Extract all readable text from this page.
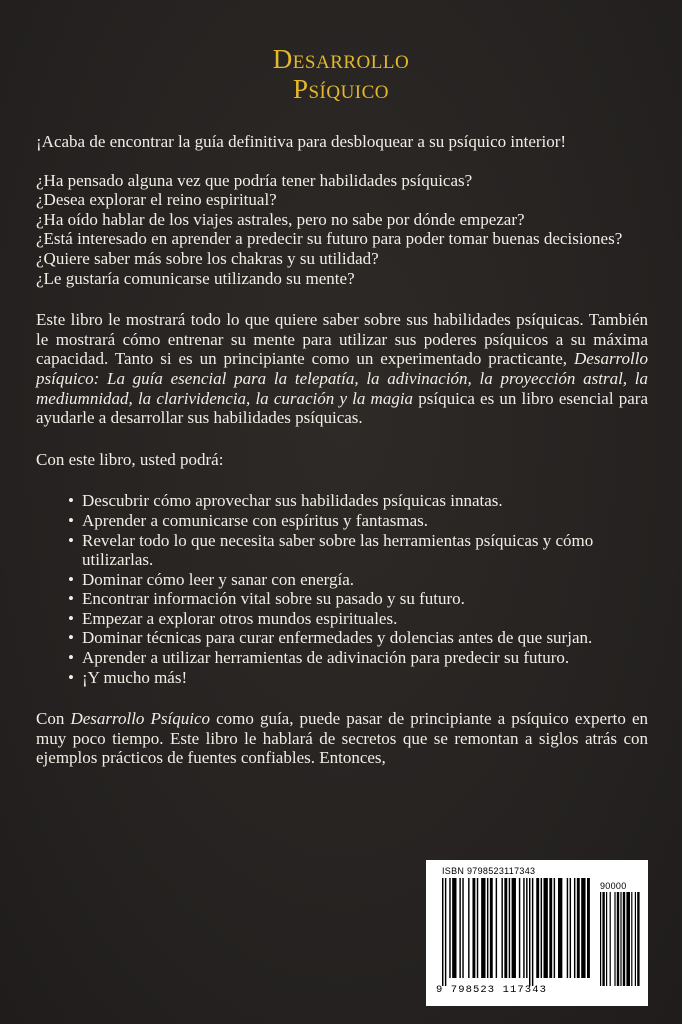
Desarrollo
Psíquico

¡Acaba de encontrar la guía definitiva para desbloquear a su psíquico interior!

¿Ha pensado alguna vez que podría tener habilidades psíquicas?

¿Desea explorar el reino espiritual?

¿Ha oído hablar de los viajes astrales, pero no sabe por dónde empezar?

¿Está interesado en aprender a predecir su futuro para poder tomar buenas decisiones?

¿Quiere saber más sobre los chakras y su utilidad?

¿Le gustaría comunicarse utilizando su mente?

Este libro le mostrará todo lo que quiere saber sobre sus habilidades psíquicas. También le mostrará cómo entrenar su mente para utilizar sus poderes psíquicos a su máxima capacidad. Tanto si es un principiante como un experimentado practicante, Desarrollo psíquico: La guía esencial para la telepatía, la adivinación, la proyección astral, la mediumnidad, la clarividencia, la curación y la magia psíquica es un libro esencial para ayudarle a desarrollar sus habilidades psíquicas.

Con este libro, usted podrá:

• Descubrir cómo aprovechar sus habilidades psíquicas innatas.
• Aprender a comunicarse con espíritus y fantasmas.
• Revelar todo lo que necesita saber sobre las herramientas psíquicas y cómo utilizarlas.
• Dominar cómo leer y sanar con energía.
• Encontrar información vital sobre su pasado y su futuro.
• Empezar a explorar otros mundos espirituales.
• Dominar técnicas para curar enfermedades y dolencias antes de que surjan.
• Aprender a utilizar herramientas de adivinación para predecir su futuro.
• ¡Y mucho más!

Con Desarrollo Psíquico como guía, puede pasar de principiante a psíquico experto en muy poco tiempo. Este libro le hablará de secretos que se remontan a siglos atrás con ejemplos prácticos de fuentes confiables. Entonces,

ISBN 9798523117343
90000
9 798523 117343
